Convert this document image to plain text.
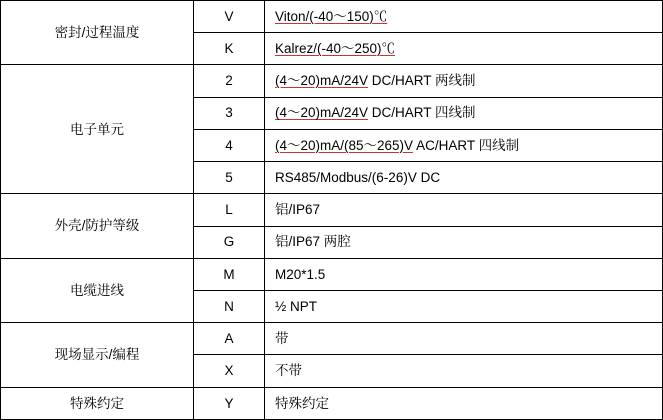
密封/过程温度	V	Viton/(-40～150)℃
	K	Kalrez/(-40～250)℃
电子单元	2	(4～20)mA/24V DC/HART 两线制
	3	(4～20)mA/24V DC/HART 四线制
	4	(4～20)mA/(85～265)V AC/HART 四线制
	5	RS485/Modbus/(6-26)V DC
外壳/防护等级	L	铝/IP67
	G	铝/IP67 两腔
电缆进线	M	M20*1.5
	N	½ NPT
现场显示/编程	A	带
	X	不带
特殊约定	Y	特殊约定
